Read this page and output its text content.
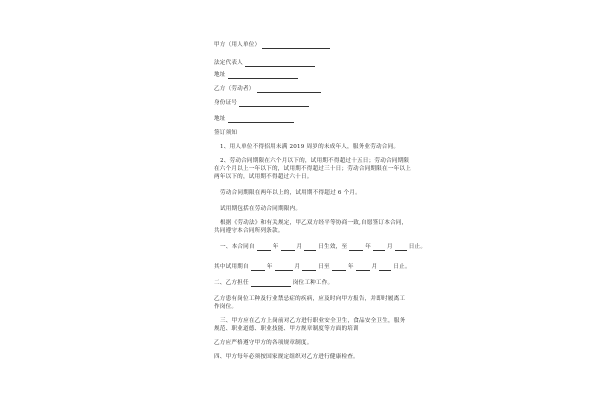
甲方（用人单位）
法定代表人
地址
乙方（劳动者）
身份证号
地址
签订须知
1、用人单位不得招用未满 2019 周岁的未成年人，服务业劳动合同。
2、劳动合同期限在六个月以下的，试用期不得超过十五日；劳动合同期限
在六个月以上一年以下的，试用期不得超过三十日；劳动合同期限在一年以上
两年以下的，试用期不得超过六十日。
劳动合同期限在两年以上的，试用期不得超过 6 个月。
试用期包括在劳动合同期限内。
根据《劳动法》和有关规定，甲乙双方经平等协商一致,自愿签订本合同，
共同遵守本合同所列条款。
一、本合同自	年	月	日生效，至	年	月	日止。
其中试用期自	年	月	日至	年	月	日止。
二、乙方担任	岗位工种工作。
乙方患有岗位工种及行业禁忌症的疾病，应及时向甲方报告，并即时履离工
作岗位。
三、甲方应在乙方上岗前对乙方进行职业安全卫生，食品安全卫生，服务
规范、职业道德、职业技能、甲方规章制度等方面的培训
乙方应严格遵守甲方的各项规章制度。
四、甲方每年必须按国家规定组织对乙方进行健康检查。
